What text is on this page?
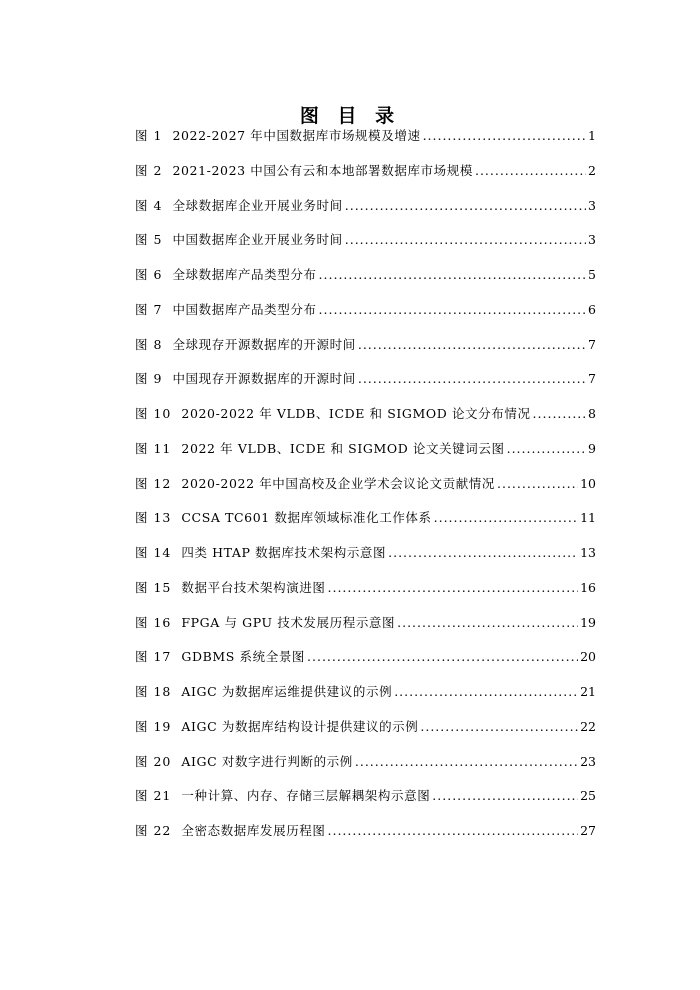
图 目 录
图 1 2022-2027 年中国数据库市场规模及增速 .....	1
图 2 2021-2023 中国公有云和本地部署数据库市场规模 .....	2
图 4 全球数据库企业开展业务时间 .....	3
图 5 中国数据库企业开展业务时间 .....	3
图 6 全球数据库产品类型分布 .....	5
图 7 中国数据库产品类型分布 .....	6
图 8 全球现存开源数据库的开源时间 .....	7
图 9 中国现存开源数据库的开源时间 .....	7
图 10 2020-2022 年 VLDB、ICDE 和 SIGMOD 论文分布情况 .....	8
图 11 2022 年 VLDB、ICDE 和 SIGMOD 论文关键词云图 .....	9
图 12 2020-2022 年中国高校及企业学术会议论文贡献情况 .....	10
图 13 CCSA TC601 数据库领域标准化工作体系 .....	11
图 14 四类 HTAP 数据库技术架构示意图 .....	13
图 15 数据平台技术架构演进图 .....	16
图 16 FPGA 与 GPU 技术发展历程示意图 .....	19
图 17 GDBMS 系统全景图 .....	20
图 18 AIGC 为数据库运维提供建议的示例 .....	21
图 19 AIGC 为数据库结构设计提供建议的示例 .....	22
图 20 AIGC 对数字进行判断的示例 .....	23
图 21 一种计算、内存、存储三层解耦架构示意图 .....	25
图 22 全密态数据库发展历程图 .....	27
